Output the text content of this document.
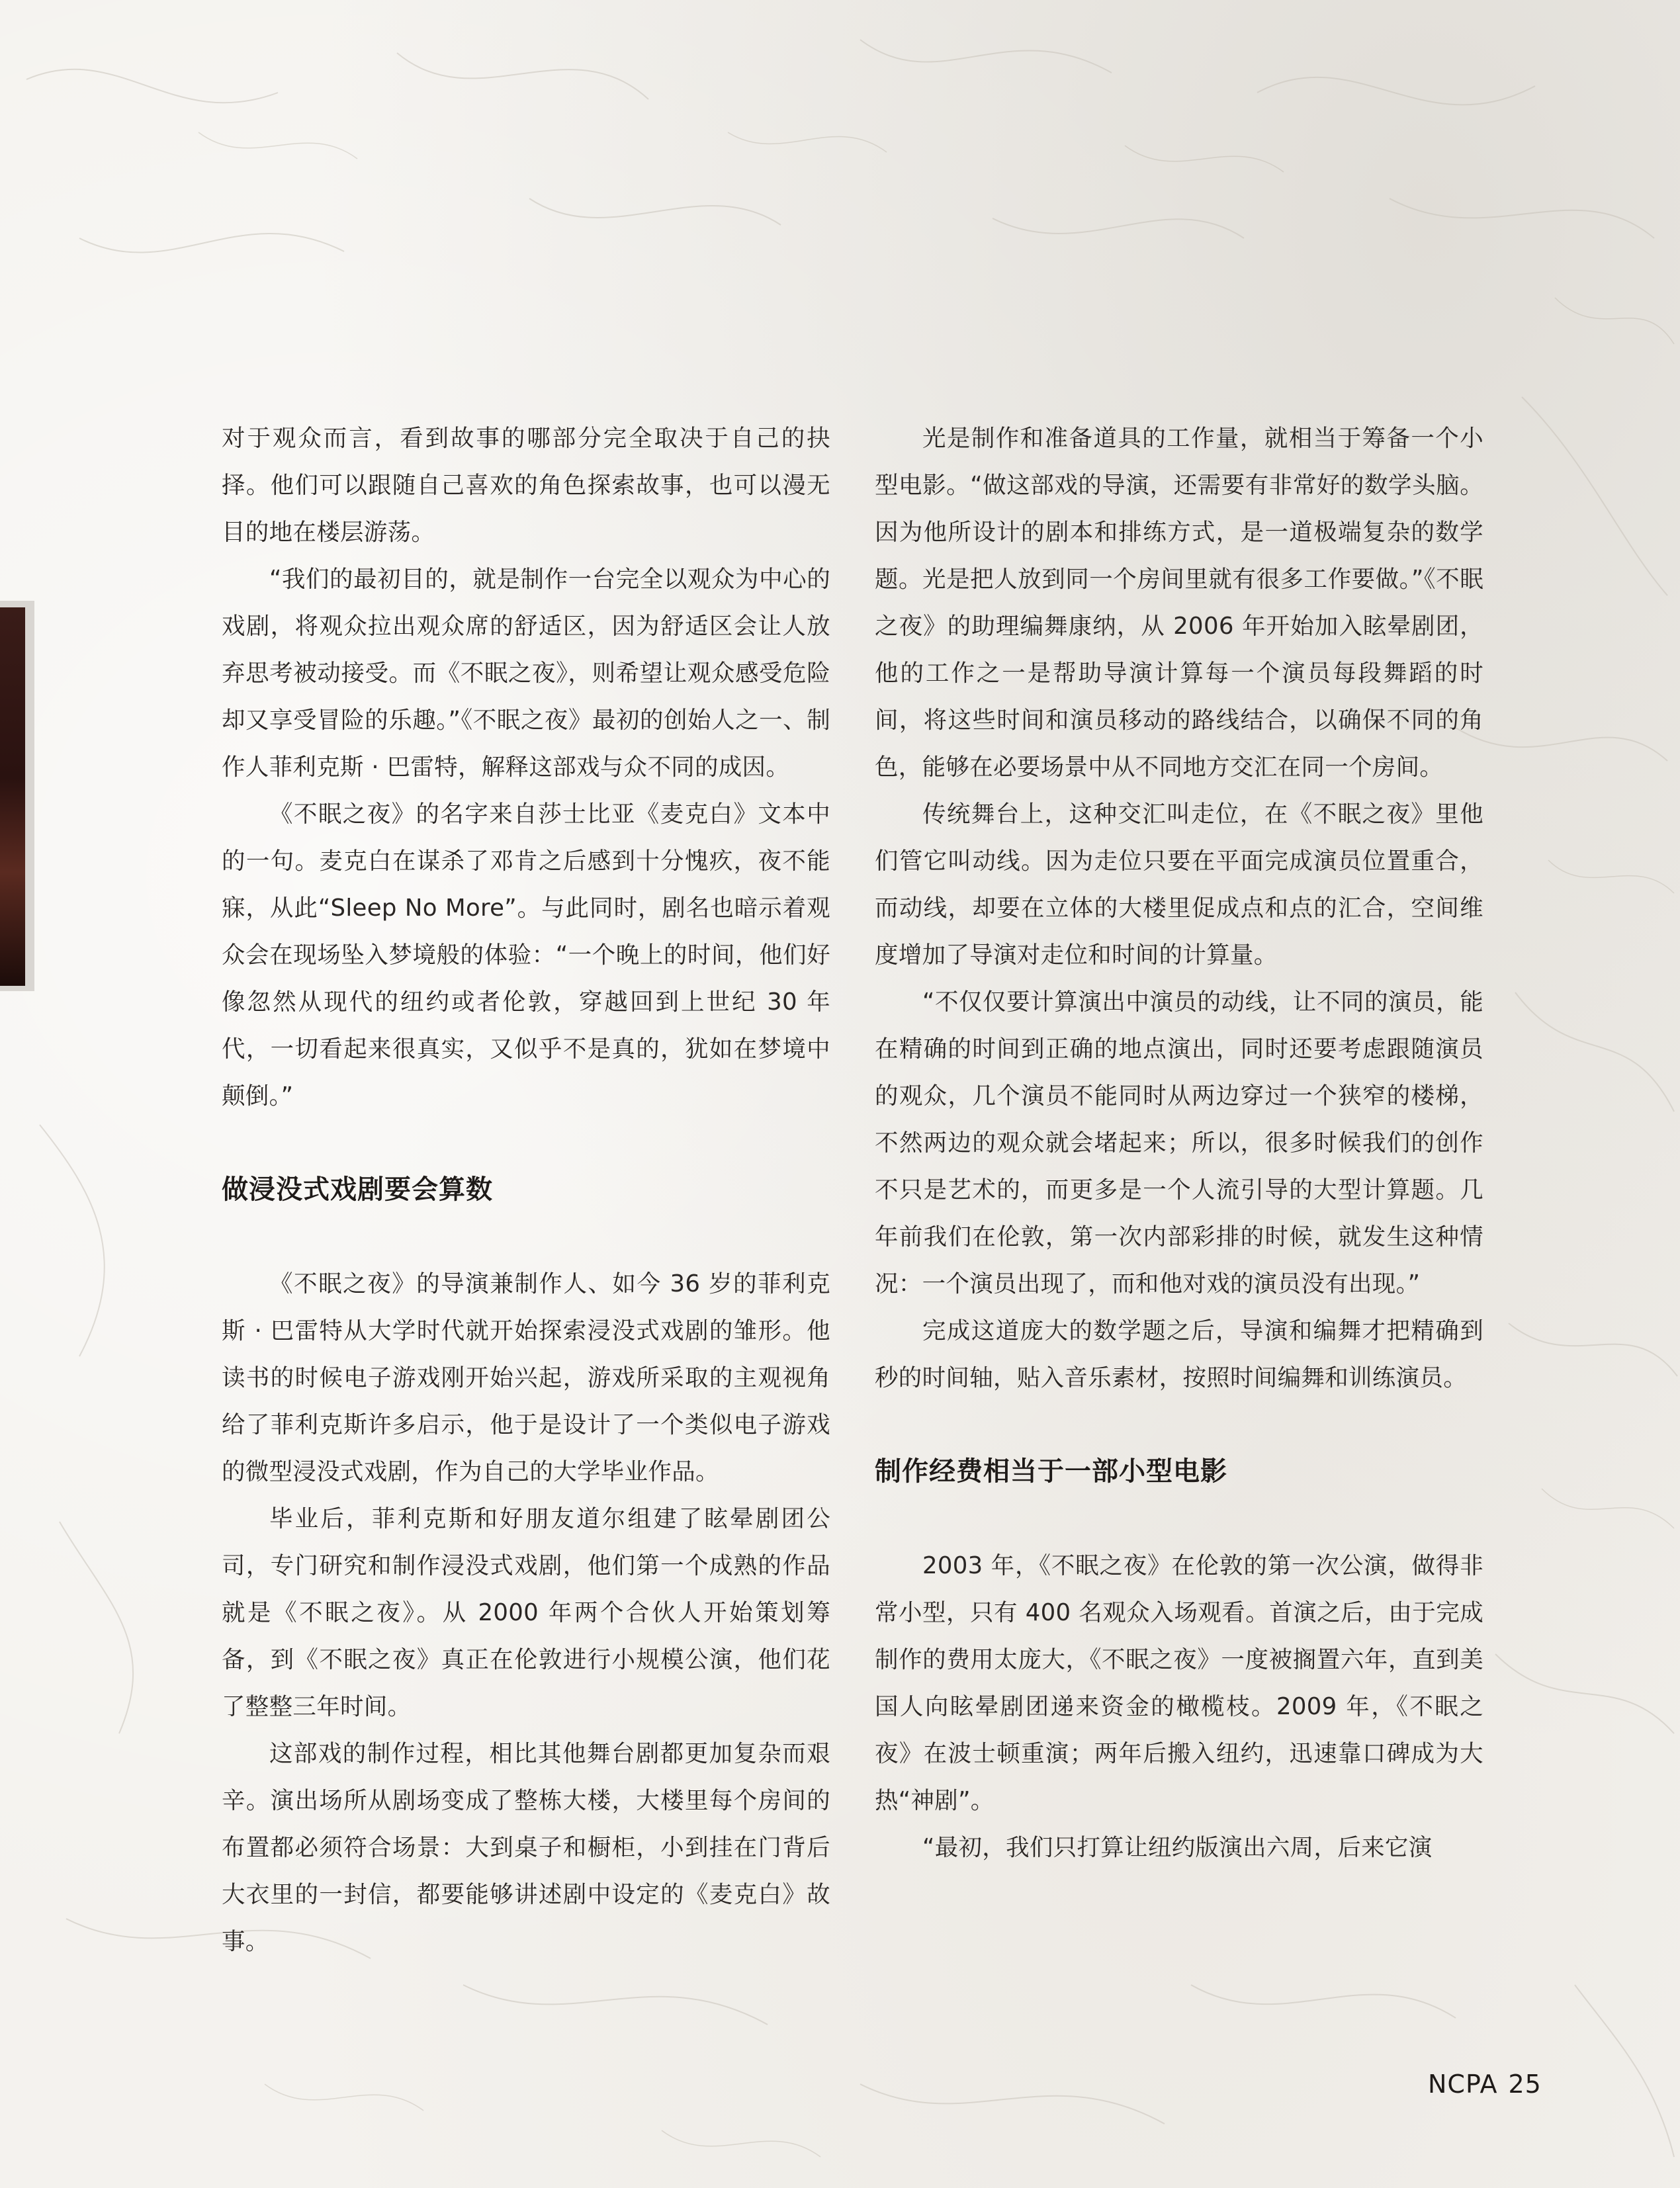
对于观众而言，看到故事的哪部分完全取决于自己的抉择。他们可以跟随自己喜欢的角色探索故事，也可以漫无目的地在楼层游荡。

“我们的最初目的，就是制作一台完全以观众为中心的戏剧，将观众拉出观众席的舒适区，因为舒适区会让人放弃思考被动接受。而《不眠之夜》，则希望让观众感受危险却又享受冒险的乐趣。”《不眠之夜》最初的创始人之一、制作人菲利克斯 · 巴雷特，解释这部戏与众不同的成因。

《不眠之夜》的名字来自莎士比亚《麦克白》文本中的一句。麦克白在谋杀了邓肯之后感到十分愧疚，夜不能寐，从此“Sleep No More”。与此同时，剧名也暗示着观众会在现场坠入梦境般的体验：“一个晚上的时间，他们好像忽然从现代的纽约或者伦敦，穿越回到上世纪 30 年代，一切看起来很真实，又似乎不是真的，犹如在梦境中颠倒。”

做浸没式戏剧要会算数

《不眠之夜》的导演兼制作人、如今 36 岁的菲利克斯 · 巴雷特从大学时代就开始探索浸没式戏剧的雏形。他读书的时候电子游戏刚开始兴起，游戏所采取的主观视角给了菲利克斯许多启示，他于是设计了一个类似电子游戏的微型浸没式戏剧，作为自己的大学毕业作品。

毕业后，菲利克斯和好朋友道尔组建了眩晕剧团公司，专门研究和制作浸没式戏剧，他们第一个成熟的作品就是《不眠之夜》。从 2000 年两个合伙人开始策划筹备，到《不眠之夜》真正在伦敦进行小规模公演，他们花了整整三年时间。

这部戏的制作过程，相比其他舞台剧都更加复杂而艰辛。演出场所从剧场变成了整栋大楼，大楼里每个房间的布置都必须符合场景：大到桌子和橱柜，小到挂在门背后大衣里的一封信，都要能够讲述剧中设定的《麦克白》故事。

光是制作和准备道具的工作量，就相当于筹备一个小型电影。“做这部戏的导演，还需要有非常好的数学头脑。因为他所设计的剧本和排练方式，是一道极端复杂的数学题。光是把人放到同一个房间里就有很多工作要做。”《不眠之夜》的助理编舞康纳，从 2006 年开始加入眩晕剧团，他的工作之一是帮助导演计算每一个演员每段舞蹈的时间，将这些时间和演员移动的路线结合，以确保不同的角色，能够在必要场景中从不同地方交汇在同一个房间。

传统舞台上，这种交汇叫走位，在《不眠之夜》里他们管它叫动线。因为走位只要在平面完成演员位置重合，而动线，却要在立体的大楼里促成点和点的汇合，空间维度增加了导演对走位和时间的计算量。

“不仅仅要计算演出中演员的动线，让不同的演员，能在精确的时间到正确的地点演出，同时还要考虑跟随演员的观众，几个演员不能同时从两边穿过一个狭窄的楼梯，不然两边的观众就会堵起来；所以，很多时候我们的创作不只是艺术的，而更多是一个人流引导的大型计算题。几年前我们在伦敦，第一次内部彩排的时候，就发生这种情况：一个演员出现了，而和他对戏的演员没有出现。”

完成这道庞大的数学题之后，导演和编舞才把精确到秒的时间轴，贴入音乐素材，按照时间编舞和训练演员。

制作经费相当于一部小型电影

2003 年，《不眠之夜》在伦敦的第一次公演，做得非常小型，只有 400 名观众入场观看。首演之后，由于完成制作的费用太庞大，《不眠之夜》一度被搁置六年，直到美国人向眩晕剧团递来资金的橄榄枝。2009 年，《不眠之夜》在波士顿重演；两年后搬入纽约，迅速靠口碑成为大热“神剧”。

“最初，我们只打算让纽约版演出六周，后来它演

NCPA 25
